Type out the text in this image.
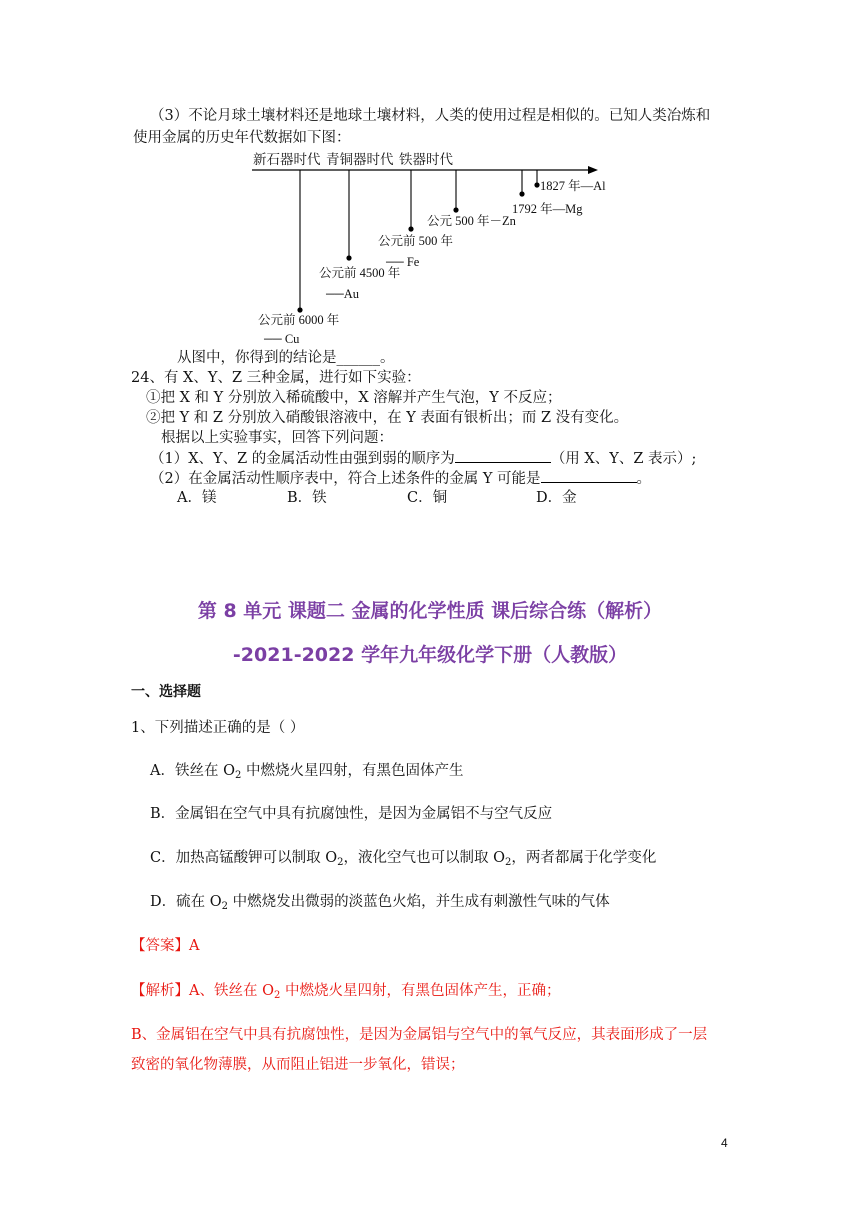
（3）不论月球土壤材料还是地球土壤材料，人类的使用过程是相似的。已知人类冶炼和
使用金属的历史年代数据如下图：
新石器时代 青铜器时代 铁器时代
1827 年—Al
1792 年—Mg
公元 500 年－Zn
公元前 500 年
── Fe
公元前 4500 年
──Au
公元前 6000 年
── Cu
从图中，你得到的结论是______。
24、有 X、Y、Z 三种金属，进行如下实验：
①把 X 和 Y 分别放入稀硫酸中，X 溶解并产生气泡，Y 不反应；
②把 Y 和 Z 分别放入硝酸银溶液中，在 Y 表面有银析出；而 Z 没有变化。
根据以上实验事实，回答下列问题：
（1）X、Y、Z 的金属活动性由强到弱的顺序为	（用 X、Y、Z 表示）;
（2）在金属活动性顺序表中，符合上述条件的金属 Y 可能是	。
A．镁	B．铁	C．铜	D．金
第 8 单元 课题二 金属的化学性质 课后综合练（解析）
-2021-2022 学年九年级化学下册（人教版）
一、选择题
1、下列描述正确的是（ ）
A．铁丝在 $O_2$ 中燃烧火星四射，有黑色固体产生
B．金属铝在空气中具有抗腐蚀性，是因为金属铝不与空气反应
C．加热高锰酸钾可以制取 $O_2$，液化空气也可以制取 $O_2$，两者都属于化学变化
D．硫在 $O_2$ 中燃烧发出微弱的淡蓝色火焰，并生成有刺激性气味的气体
【答案】A
【解析】A、铁丝在 $O_2$ 中燃烧火星四射，有黑色固体产生，正确；
B、金属铝在空气中具有抗腐蚀性，是因为金属铝与空气中的氧气反应，其表面形成了一层
致密的氧化物薄膜，从而阻止铝进一步氧化，错误；
4
